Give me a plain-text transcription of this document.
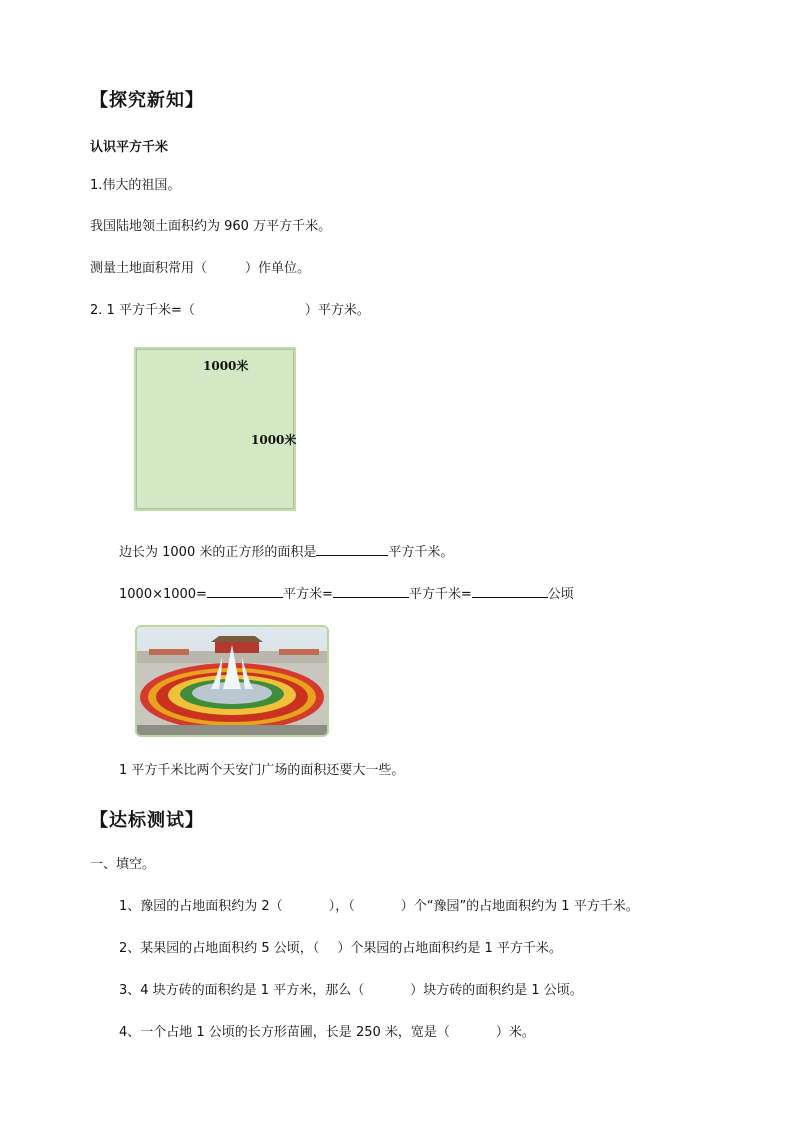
【探究新知】
认识平方千米
1.伟大的祖国。
我国陆地领土面积约为 960 万平方千米。
测量土地面积常用（	）作单位。
2. 1 平方千米=（	）平方米。
1000米
1000米
边长为 1000 米的正方形的面积是	平方千米。
1000×1000=	平方米=	平方千米=	公顷
1 平方千米比两个天安门广场的面积还要大一些。
【达标测试】
一、填空。
1、豫园的占地面积约为 2（	），（	）个“豫园”的占地面积约为 1 平方千米。
2、某果园的占地面积约 5 公顷，（ ）个果园的占地面积约是 1 平方千米。
3、4 块方砖的面积约是 1 平方米，那么（	）块方砖的面积约是 1 公顷。
4、一个占地 1 公顷的长方形苗圃，长是 250 米，宽是（	）米。
